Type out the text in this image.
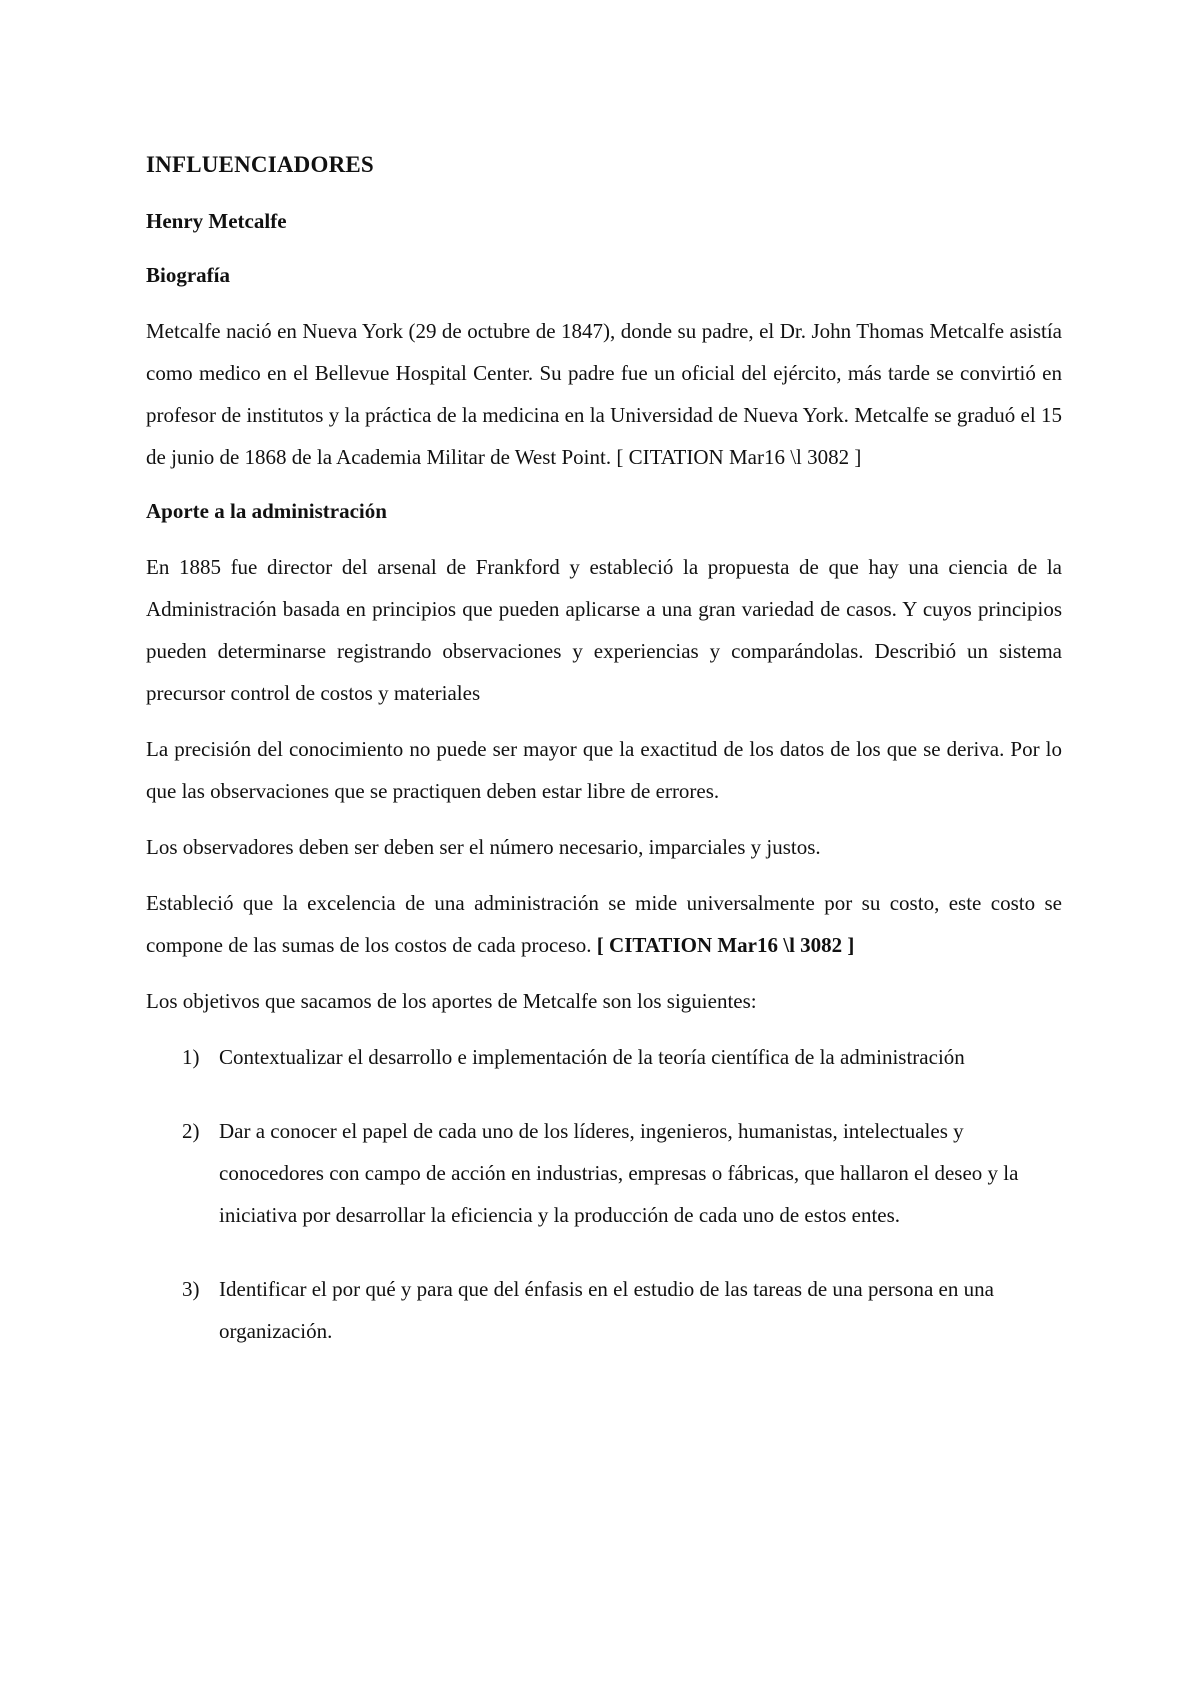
INFLUENCIADORES
Henry Metcalfe
Biografía

Metcalfe nació en Nueva York (29 de octubre de 1847), donde su padre, el Dr. John Thomas Metcalfe asistía como medico en el Bellevue Hospital Center. Su padre fue un oficial del ejército, más tarde se convirtió en profesor de institutos y la práctica de la medicina en la Universidad de Nueva York. Metcalfe se graduó el 15 de junio de 1868 de la Academia Militar de West Point. [ CITATION Mar16 \l 3082 ]

Aporte a la administración

En 1885 fue director del arsenal de Frankford y estableció la propuesta de que hay una ciencia de la Administración basada en principios que pueden aplicarse a una gran variedad de casos. Y cuyos principios pueden determinarse registrando observaciones y experiencias y comparándolas. Describió un sistema precursor control de costos y materiales

La precisión del conocimiento no puede ser mayor que la exactitud de los datos de los que se deriva. Por lo que las observaciones que se practiquen deben estar libre de errores.

Los observadores deben ser deben ser el número necesario, imparciales y justos.

Estableció que la excelencia de una administración se mide universalmente por su costo, este costo se compone de las sumas de los costos de cada proceso. [ CITATION Mar16 \l 3082 ]

Los objetivos que sacamos de los aportes de Metcalfe son los siguientes:

1) Contextualizar el desarrollo e implementación de la teoría científica de la administración
2) Dar a conocer el papel de cada uno de los líderes, ingenieros, humanistas, intelectuales y conocedores con campo de acción en industrias, empresas o fábricas, que hallaron el deseo y la iniciativa por desarrollar la eficiencia y la producción de cada uno de estos entes.
3) Identificar el por qué y para que del énfasis en el estudio de las tareas de una persona en una organización.
